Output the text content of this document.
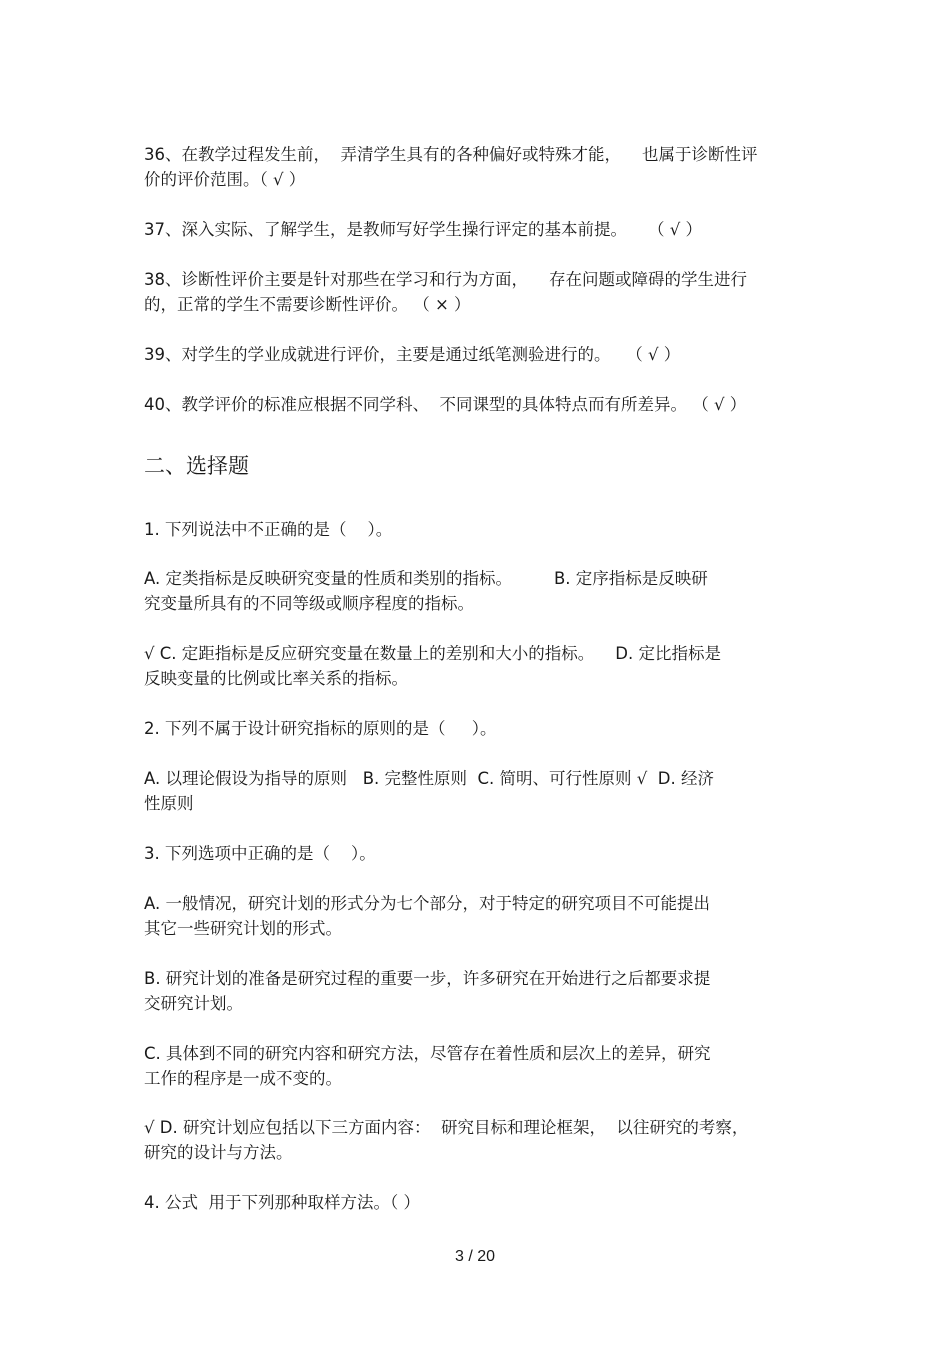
36、在教学过程发生前，  弄清学生具有的各种偏好或特殊才能，    也属于诊断性评
价的评价范围。（ √ ）

37、深入实际、了解学生，是教师写好学生操行评定的基本前提。    （ √ ）

38、诊断性评价主要是针对那些在学习和行为方面，    存在问题或障碍的学生进行
的，正常的学生不需要诊断性评价。 （ × ）

39、对学生的学业成就进行评价，主要是通过纸笔测验进行的。   （ √ ）

40、教学评价的标准应根据不同学科、  不同课型的具体特点而有所差异。 （ √ ）

二、选择题

1. 下列说法中不正确的是（    ）。

A. 定类指标是反映研究变量的性质和类别的指标。        B. 定序指标是反映研
究变量所具有的不同等级或顺序程度的指标。

√ C. 定距指标是反应研究变量在数量上的差别和大小的指标。    D. 定比指标是
反映变量的比例或比率关系的指标。

2. 下列不属于设计研究指标的原则的是（     ）。

A. 以理论假设为指导的原则   B. 完整性原则  C. 简明、可行性原则 √  D. 经济
性原则

3. 下列选项中正确的是（    ）。

A. 一般情况，研究计划的形式分为七个部分，对于特定的研究项目不可能提出
其它一些研究计划的形式。

B. 研究计划的准备是研究过程的重要一步，许多研究在开始进行之后都要求提
交研究计划。

C. 具体到不同的研究内容和研究方法，尽管存在着性质和层次上的差异，研究
工作的程序是一成不变的。

√ D. 研究计划应包括以下三方面内容：  研究目标和理论框架，  以往研究的考察，
研究的设计与方法。

4. 公式  用于下列那种取样方法。（ ）

3 / 20
